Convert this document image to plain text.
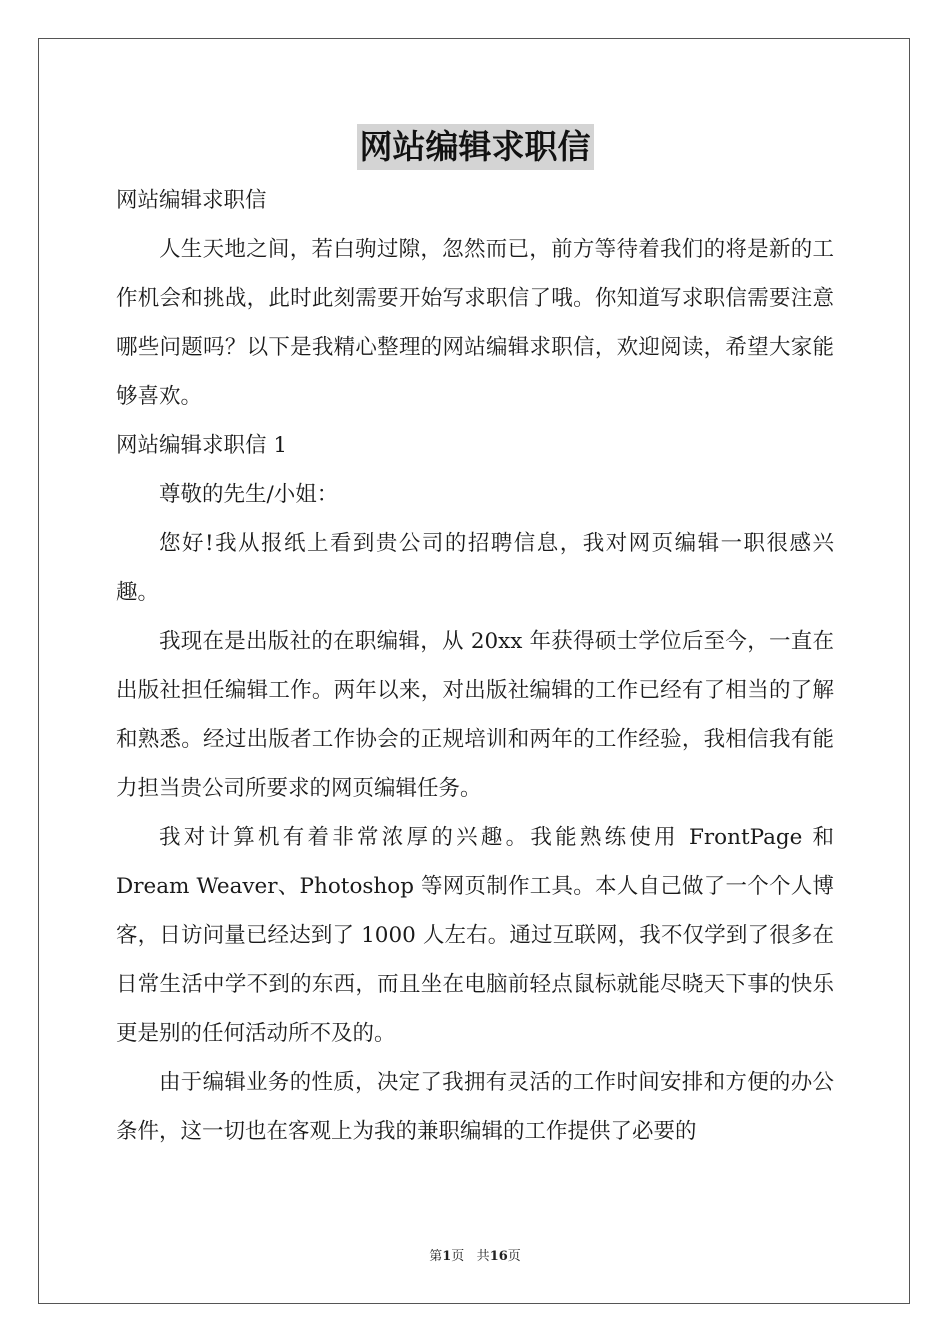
网站编辑求职信

网站编辑求职信

人生天地之间，若白驹过隙，忽然而已，前方等待着我们的将是新的工作机会和挑战，此时此刻需要开始写求职信了哦。你知道写求职信需要注意哪些问题吗？以下是我精心整理的网站编辑求职信，欢迎阅读，希望大家能够喜欢。

网站编辑求职信 1

尊敬的先生/小姐：

您好!我从报纸上看到贵公司的招聘信息，我对网页编辑一职很感兴趣。

我现在是出版社的在职编辑，从 20xx 年获得硕士学位后至今，一直在出版社担任编辑工作。两年以来，对出版社编辑的工作已经有了相当的了解和熟悉。经过出版者工作协会的正规培训和两年的工作经验，我相信我有能力担当贵公司所要求的网页编辑任务。

我对计算机有着非常浓厚的兴趣。我能熟练使用 FrontPage 和 Dream Weaver、Photoshop 等网页制作工具。本人自己做了一个个人博客，日访问量已经达到了 1000 人左右。通过互联网，我不仅学到了很多在日常生活中学不到的东西，而且坐在电脑前轻点鼠标就能尽晓天下事的快乐更是别的任何活动所不及的。

由于编辑业务的性质，决定了我拥有灵活的工作时间安排和方便的办公条件，这一切也在客观上为我的兼职编辑的工作提供了必要的

第1页 共16页
